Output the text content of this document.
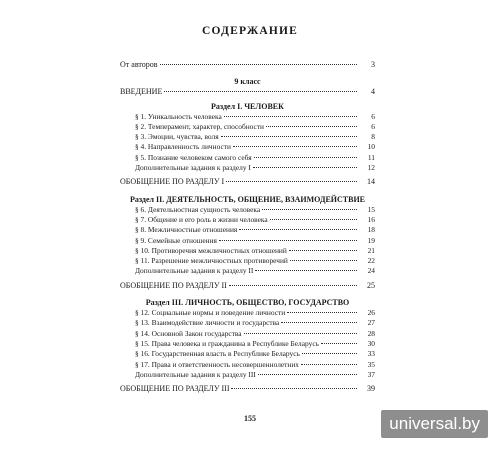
СОДЕРЖАНИЕ
От авторов	3
9 класс
ВВЕДЕНИЕ	4
Раздел I. ЧЕЛОВЕК
§ 1. Уникальность человека	6
§ 2. Темперамент, характер, способности	6
§ 3. Эмоции, чувства, воля	8
§ 4. Направленность личности	10
§ 5. Познание человеком самого себя	11
Дополнительные задания к разделу I	12
ОБОБЩЕНИЕ ПО РАЗДЕЛУ I	14
Раздел II. ДЕЯТЕЛЬНОСТЬ, ОБЩЕНИЕ, ВЗАИМОДЕЙСТВИЕ
§ 6. Деятельностная сущность человека	15
§ 7. Общение и его роль в жизни человека	16
§ 8. Межличностные отношения	18
§ 9. Семейные отношения	19
§ 10. Противоречия межличностных отношений	21
§ 11. Разрешение межличностных противоречий	22
Дополнительные задания к разделу II	24
ОБОБЩЕНИЕ ПО РАЗДЕЛУ II	25
Раздел III. ЛИЧНОСТЬ, ОБЩЕСТВО, ГОСУДАРСТВО
§ 12. Социальные нормы и поведение личности	26
§ 13. Взаимодействие личности и государства	27
§ 14. Основной Закон государства	28
§ 15. Права человека и гражданина в Республике Беларусь	30
§ 16. Государственная власть в Республике Беларусь	33
§ 17. Права и ответственность несовершеннолетних	35
Дополнительные задания к разделу III	37
ОБОБЩЕНИЕ ПО РАЗДЕЛУ III	39
155	universal.by
